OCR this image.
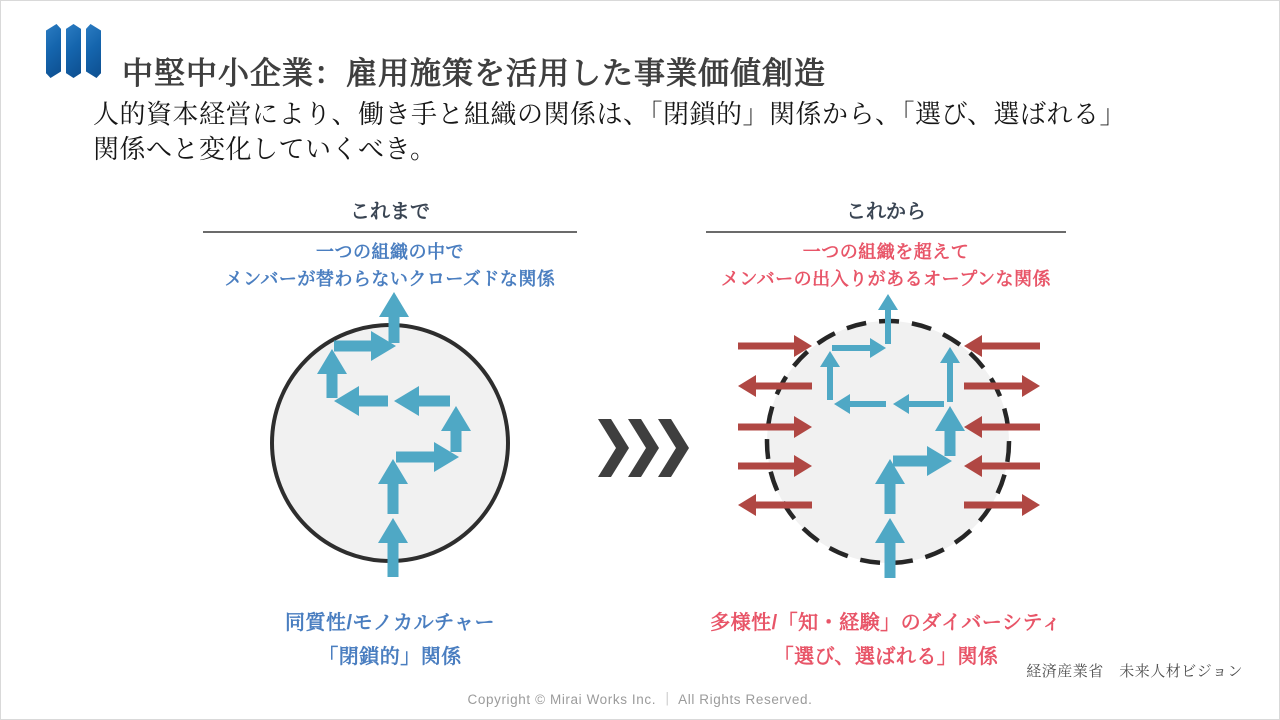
中堅中小企業：雇用施策を活用した事業価値創造
人的資本経営により、働き手と組織の関係は、「閉鎖的」関係から、「選び、選ばれる」
関係へと変化していくべき。
これまで
一つの組織の中で
メンバーが替わらないクローズドな関係
同質性/モノカルチャー
「閉鎖的」関係
これから
一つの組織を超えて
メンバーの出入りがあるオープンな関係
多様性/「知・経験」のダイバーシティ
「選び、選ばれる」関係
経済産業省　未来人材ビジョン
Copyright © Mirai Works Inc. ｜ All Rights Reserved.
